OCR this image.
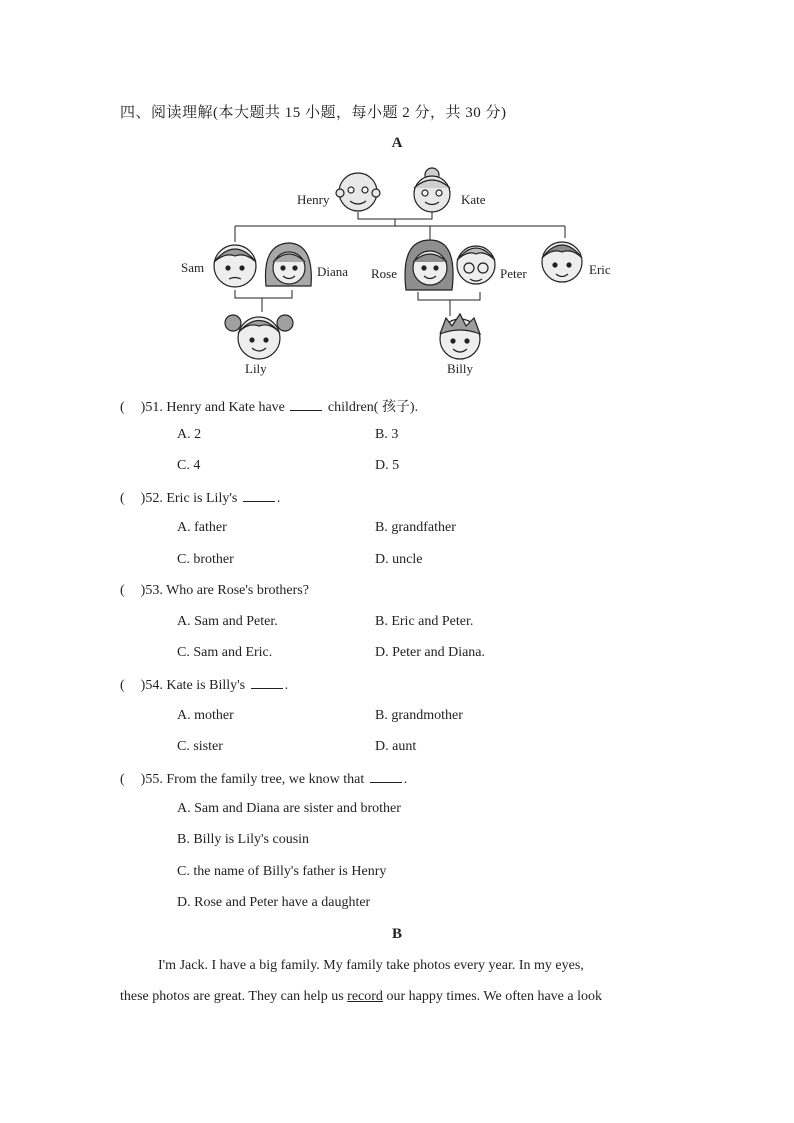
四、阅读理解(本大题共 15 小题，每小题 2 分，共 30 分)
A
Henry	Kate
Sam	Diana Rose	Peter	Eric
Lily	Billy
( )51. Henry and Kate have	children( 孩子).
A. 2	B. 3
C. 4	D. 5
( )52. Eric is Lily's	.
A. father	B. grandfather
C. brother	D. uncle
( )53. Who are Rose's brothers?
A. Sam and Peter.	B. Eric and Peter.
C. Sam and Eric.	D. Peter and Diana.
( )54. Kate is Billy's	.
A. mother	B. grandmother
C. sister	D. aunt
( )55. From the family tree, we know that	.
A. Sam and Diana are sister and brother
B. Billy is Lily's cousin
C. the name of Billy's father is Henry
D. Rose and Peter have a daughter
B
I'm Jack. I have a big family. My family take photos every year. In my eyes,
these photos are great. They can help us record our happy times. We often have a look
